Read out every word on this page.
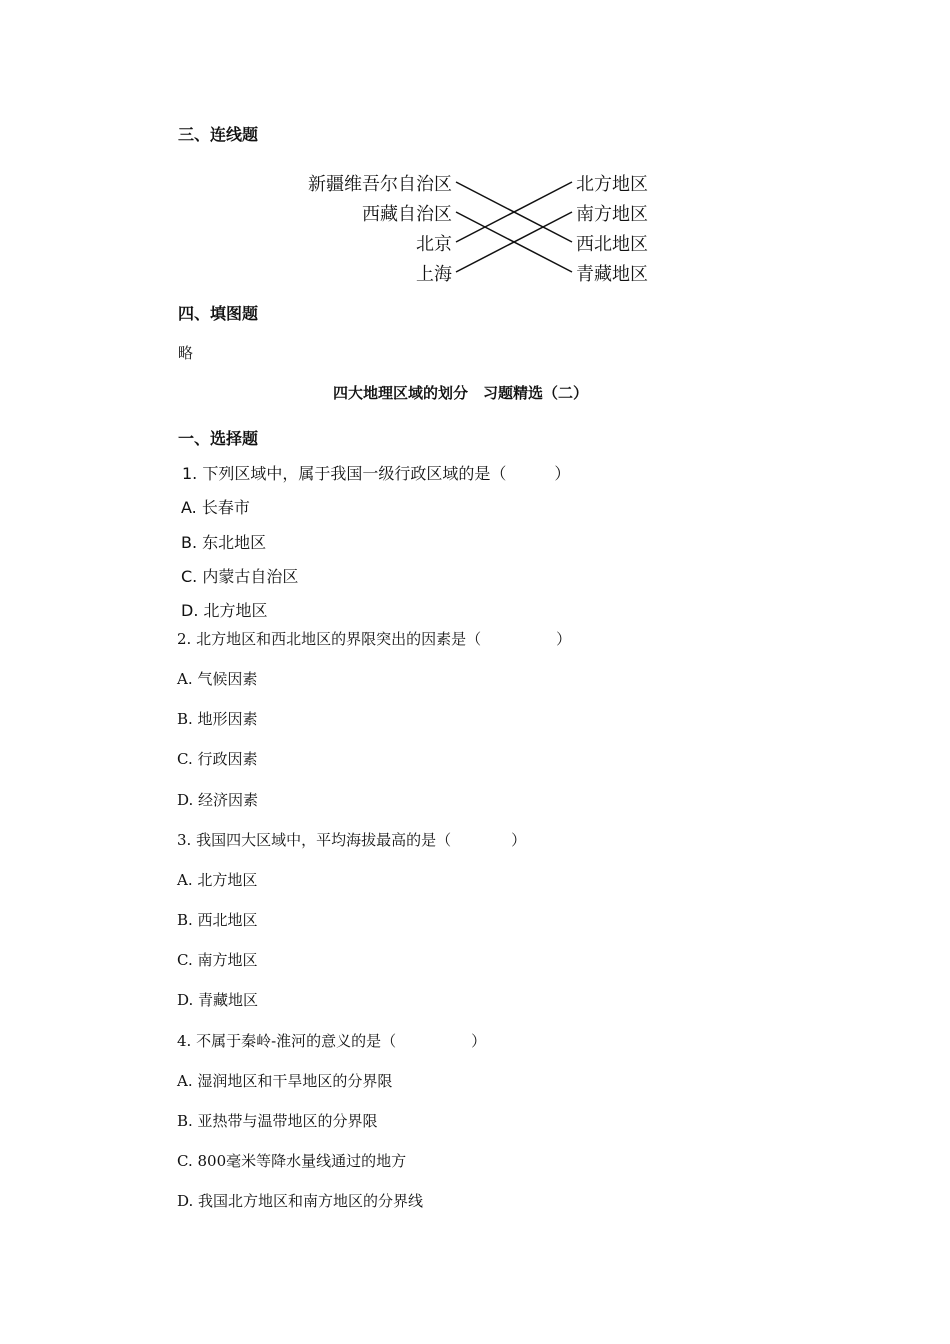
三、连线题
新疆维吾尔自治区
西藏自治区
北京
上海
北方地区
南方地区
西北地区
青藏地区
四、填图题
略
四大地理区域的划分　习题精选（二）
一、选择题
1. 下列区域中，属于我国一级行政区域的是（　　　）
A. 长春市
B. 东北地区
C. 内蒙古自治区
D. 北方地区
2. 北方地区和西北地区的界限突出的因素是（　　　　　）
A. 气候因素
B. 地形因素
C. 行政因素
D. 经济因素
3. 我国四大区域中，平均海拔最高的是（　　　　）
A. 北方地区
B. 西北地区
C. 南方地区
D. 青藏地区
4. 不属于秦岭-淮河的意义的是（　　　　　）
A. 湿润地区和干旱地区的分界限
B. 亚热带与温带地区的分界限
C. 800毫米等降水量线通过的地方
D. 我国北方地区和南方地区的分界线
